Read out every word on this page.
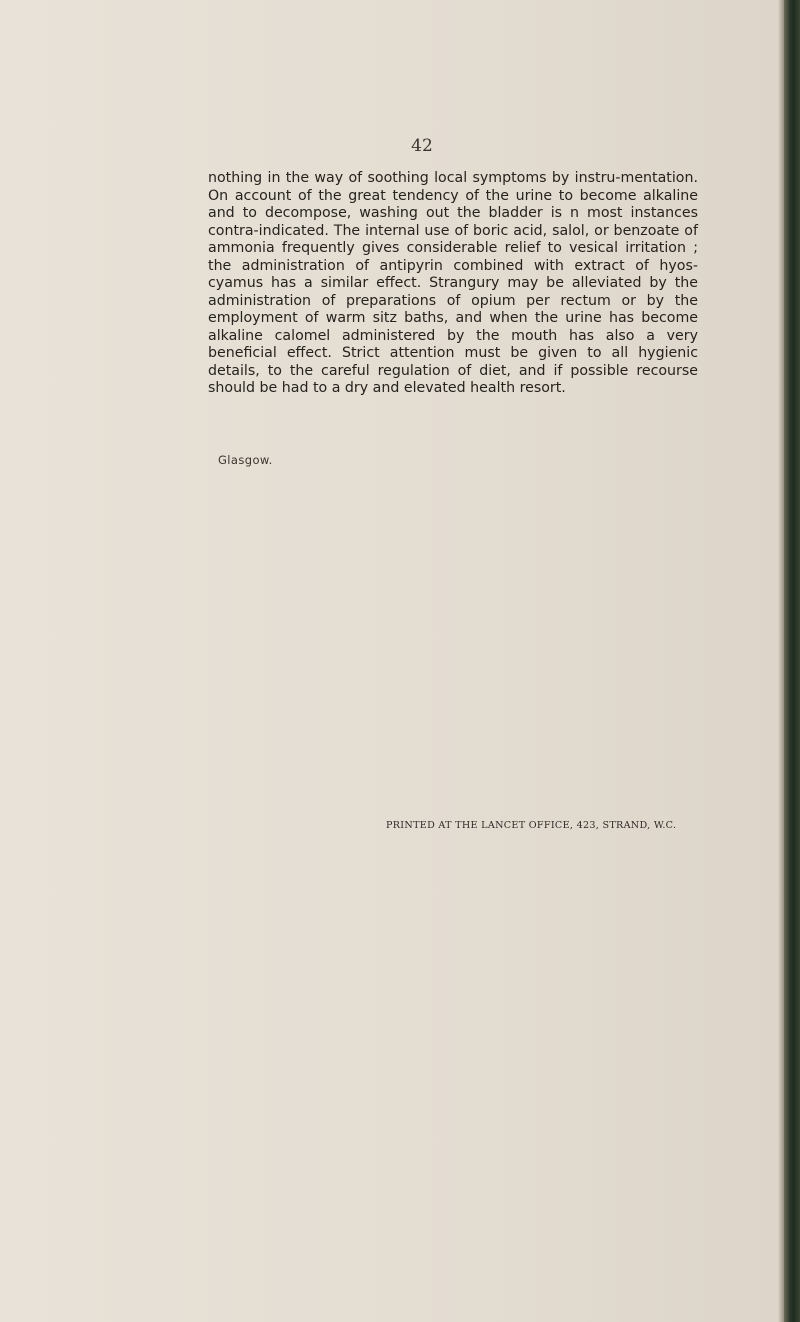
42

nothing in the way of soothing local symptoms by instru-mentation. On account of the great tendency of the urine to become alkaline and to decompose, washing out the bladder is n most instances contra-indicated. The internal use of boric acid, salol, or benzoate of ammonia frequently gives considerable relief to vesical irritation ; the administration of antipyrin combined with extract of hyos-cyamus has a similar effect. Strangury may be alleviated by the administration of preparations of opium per rectum or by the employment of warm sitz baths, and when the urine has become alkaline calomel administered by the mouth has also a very beneficial effect. Strict attention must be given to all hygienic details, to the careful regulation of diet, and if possible recourse should be had to a dry and elevated health resort.

Glasgow.
PRINTED AT THE LANCET OFFICE, 423, STRAND, W.C.
